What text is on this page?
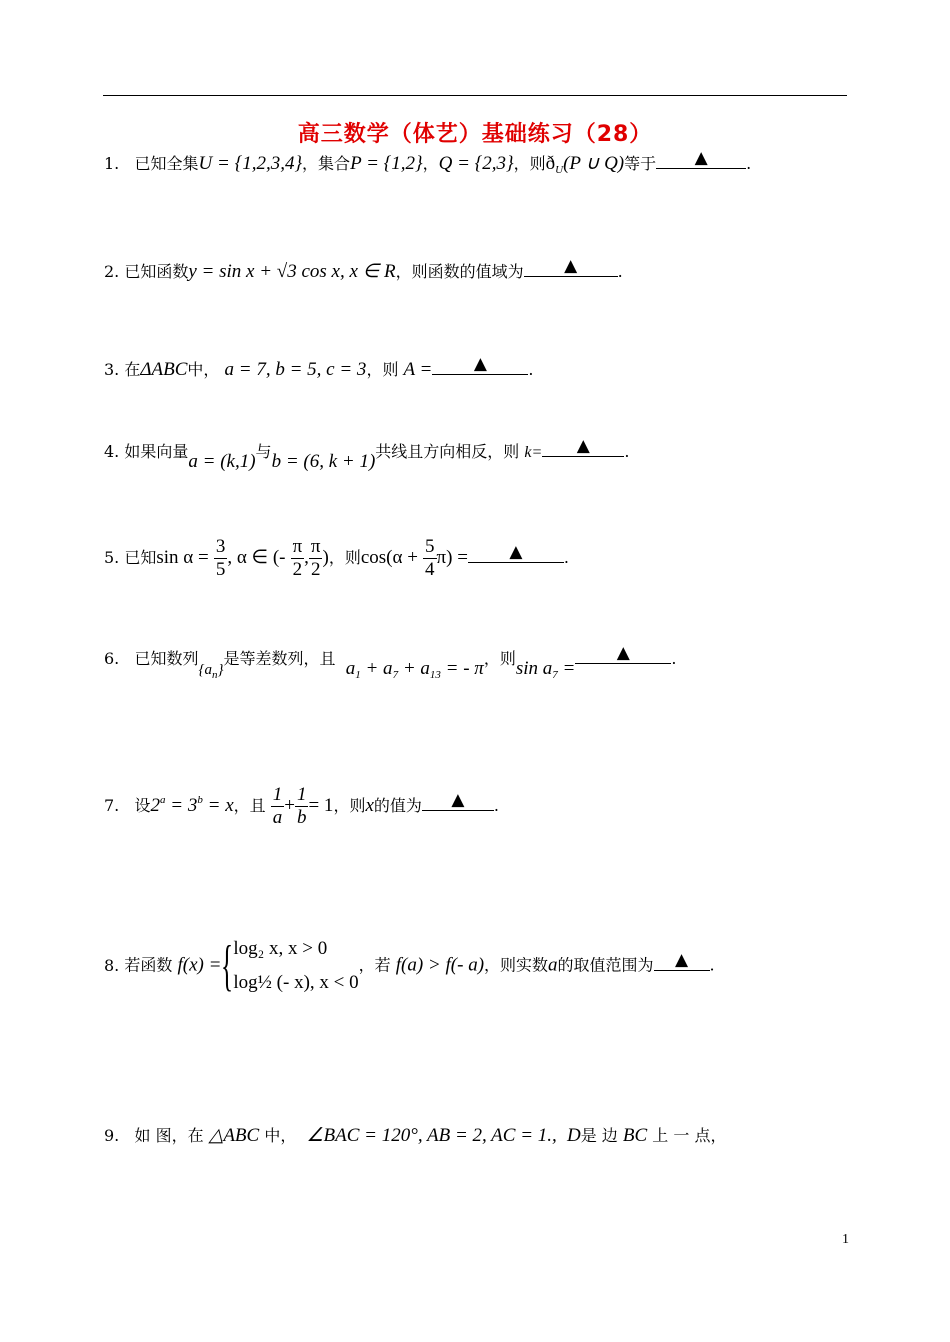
高三数学（体艺）基础练习（28）
1. 已知全集U = {1,2,3,4}，集合P = {1,2}，Q = {2,3}，则$ð_U(P$ ∪ Q)等于 ▲ .
2. 已知函数y = sin x + √3 cos x, x ∈ R，则函数的值域为 ▲	.
3. 在ΔABC中， a = 7, b = 5, c = 3，则 A = ▲	.
4. 如果向量a = (k,1)与b = (6, k + 1)共线且方向相反，则 k= ▲ .
5. 已知$\sin \alpha = \frac{3}{5}$ , α ∈ (- $\frac{\pi}{2}$ , $\frac{\pi}{2}$ )，则$\cos(\alpha + \frac{5}{4} \pi)$ = ▲	.
6. 已知数列$\{a_n\}$是等差数列，且 $a_1 + a_7 + a_{13}$ = - π，则$\sin a_7$ =
▲	.
7. 设$2^a = 3^b = x$，且 $\frac{1}{a} + \frac{1}{b} = 1$，则x的值为 ▲ .
8. 若函数 f(x) ={ log₂ x, x > 0
log½ (- x), x < 0
，若 f(a) > f(- a)，则实数a的取值范围为 ▲ .
9. 如 图，在 △ABC 中， ∠BAC = 120°, AB = 2, AC = 1., D是 边 BC 上 一 点，
1
